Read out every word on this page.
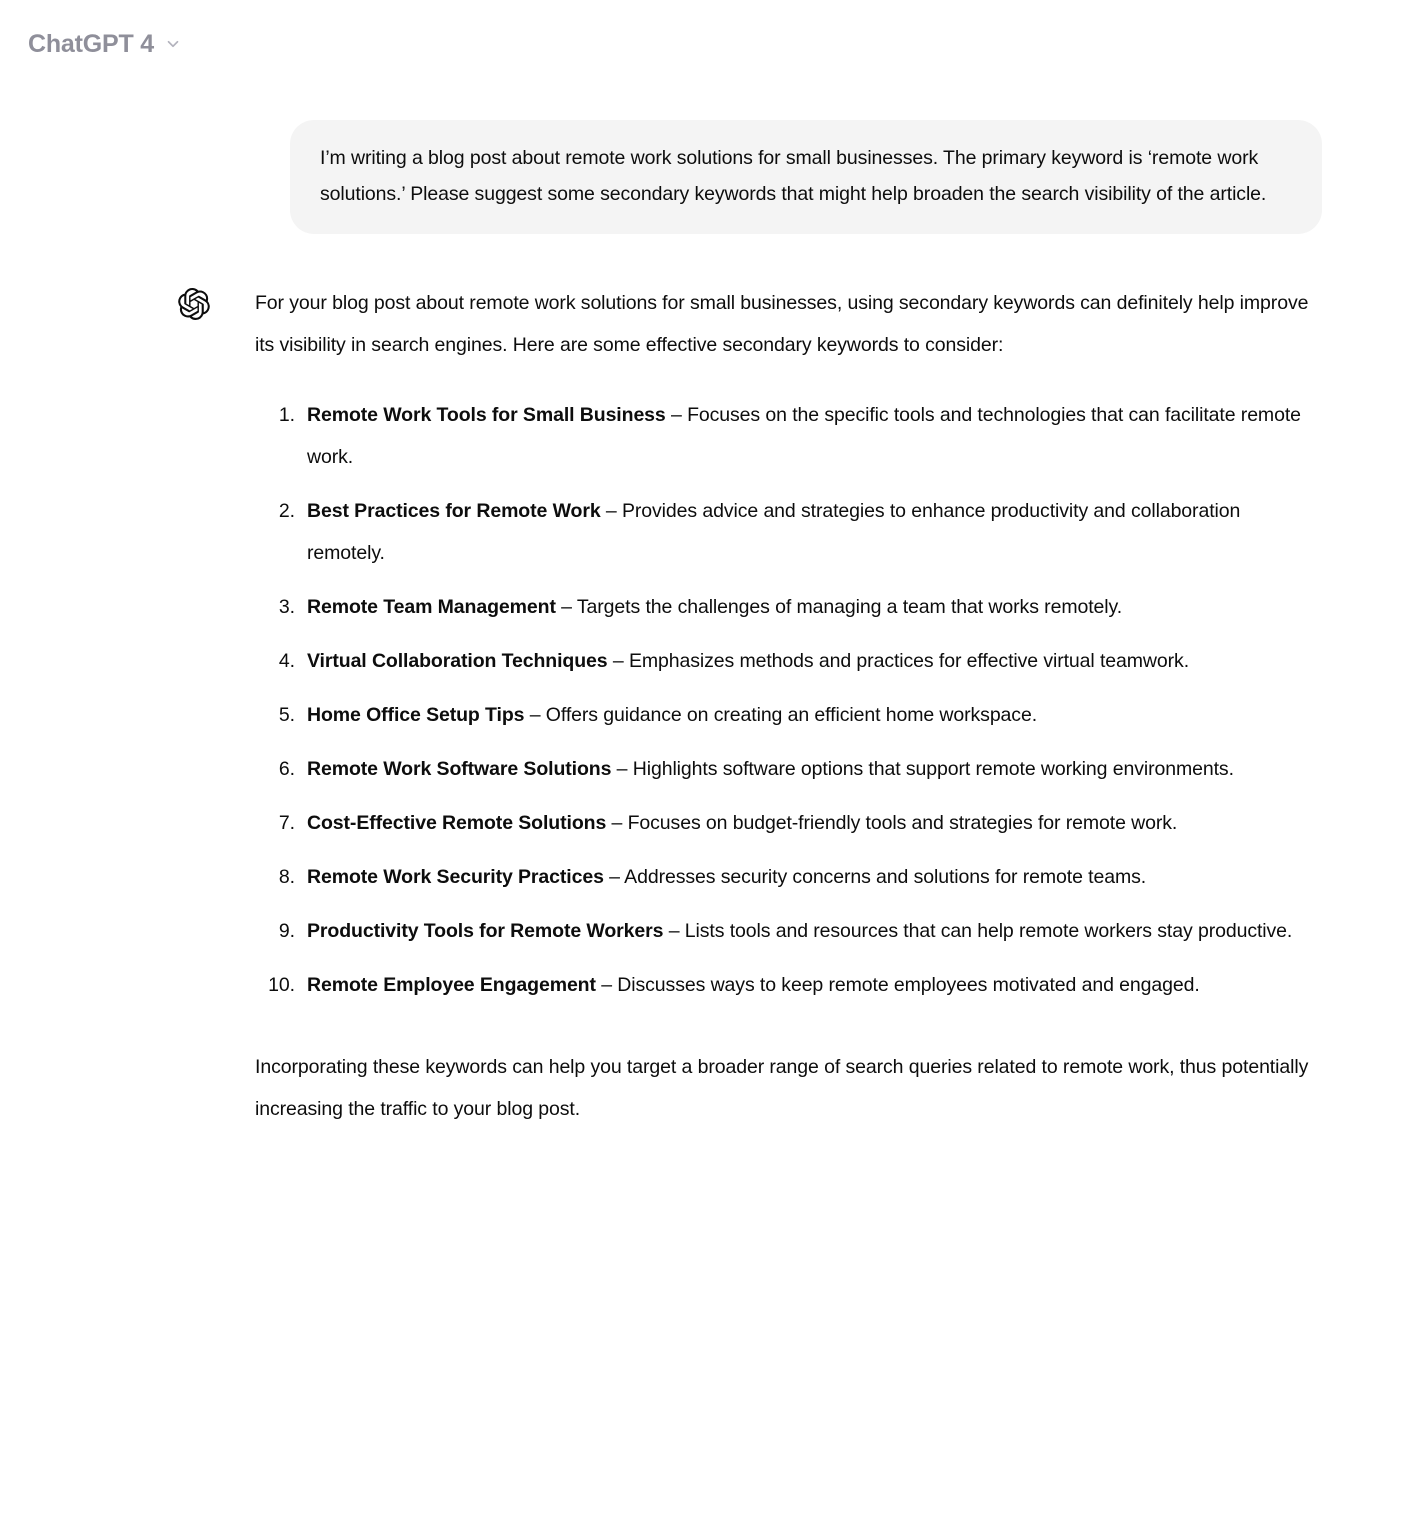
ChatGPT 4

I’m writing a blog post about remote work solutions for small businesses. The primary keyword is ‘remote work solutions.’ Please suggest some secondary keywords that might help broaden the search visibility of the article.

For your blog post about remote work solutions for small businesses, using secondary keywords can definitely help improve its visibility in search engines. Here are some effective secondary keywords to consider:

Remote Work Tools for Small Business – Focuses on the specific tools and technologies that can facilitate remote work.
Best Practices for Remote Work – Provides advice and strategies to enhance productivity and collaboration remotely.
Remote Team Management – Targets the challenges of managing a team that works remotely.
Virtual Collaboration Techniques – Emphasizes methods and practices for effective virtual teamwork.
Home Office Setup Tips – Offers guidance on creating an efficient home workspace.
Remote Work Software Solutions – Highlights software options that support remote working environments.
Cost-Effective Remote Solutions – Focuses on budget-friendly tools and strategies for remote work.
Remote Work Security Practices – Addresses security concerns and solutions for remote teams.
Productivity Tools for Remote Workers – Lists tools and resources that can help remote workers stay productive.
Remote Employee Engagement – Discusses ways to keep remote employees motivated and engaged.

Incorporating these keywords can help you target a broader range of search queries related to remote work, thus potentially increasing the traffic to your blog post.
